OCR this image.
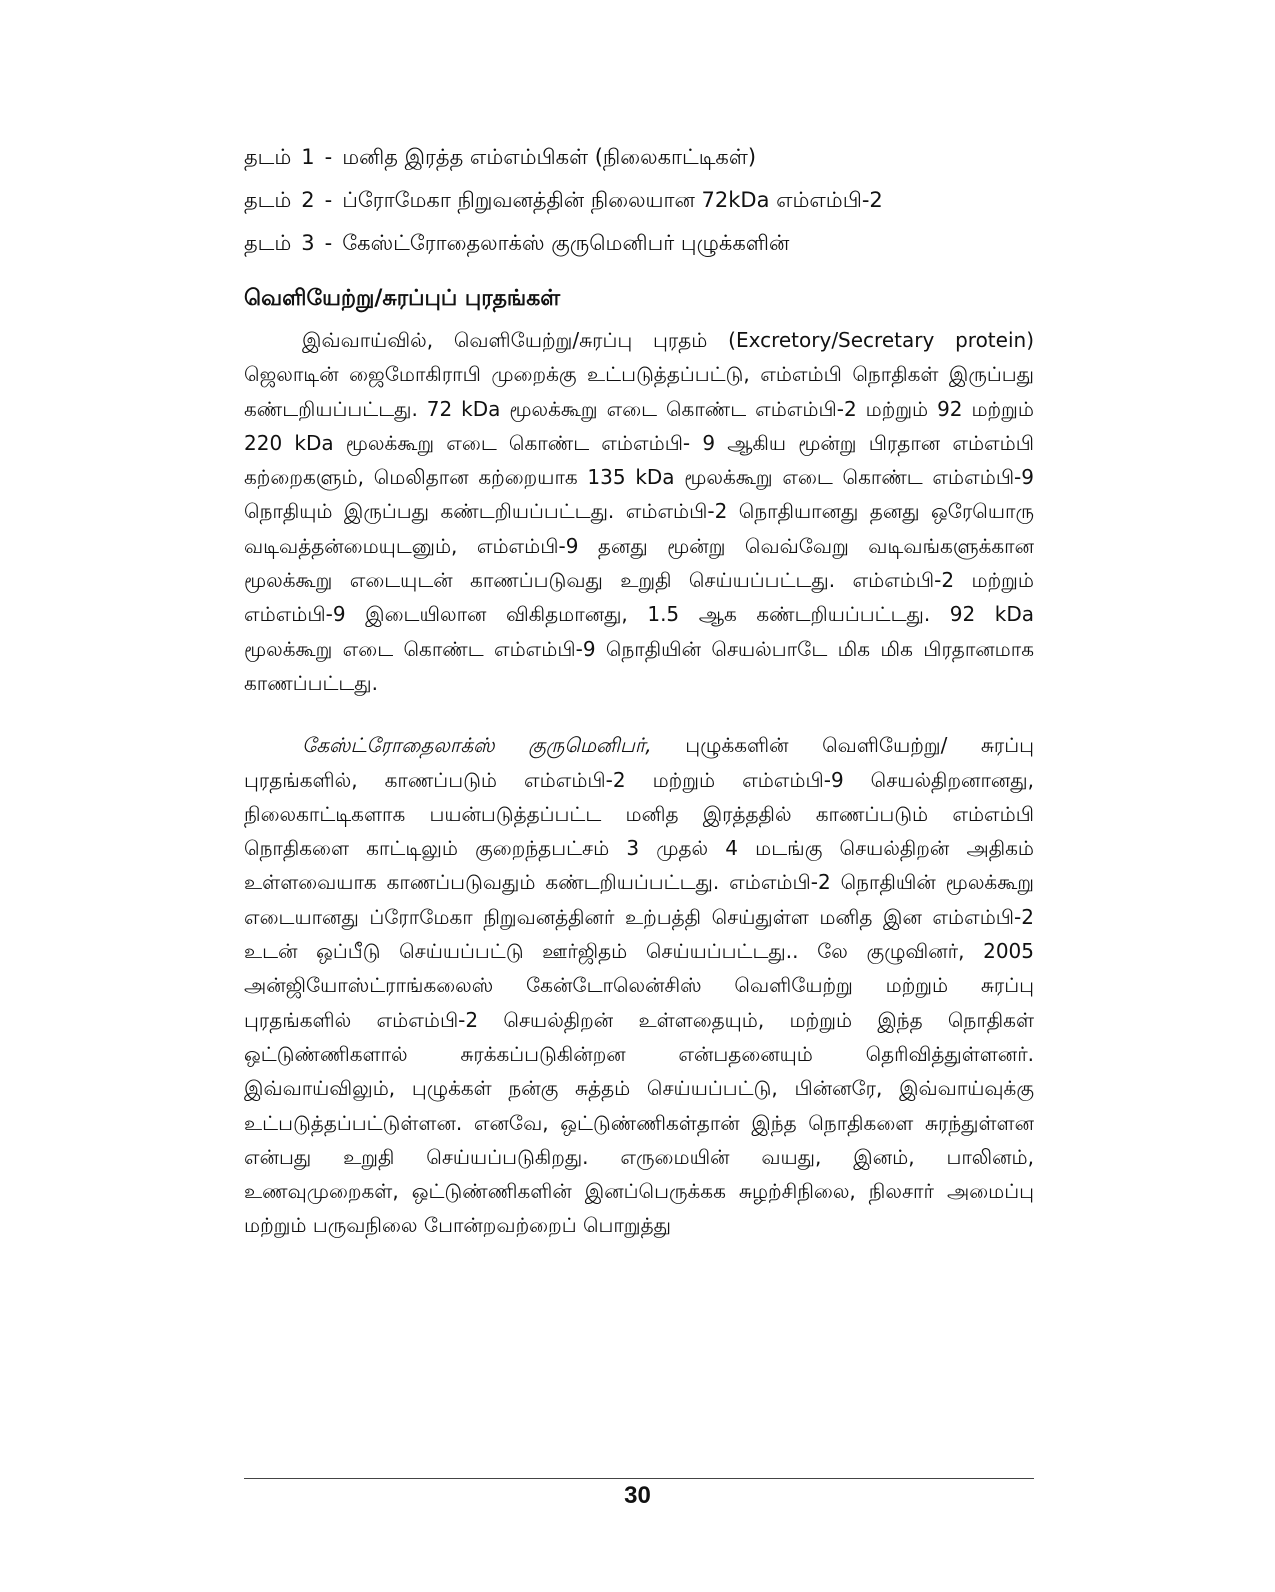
தடம் 1 - மனித இரத்த எம்எம்பிகள் (நிலைகாட்டிகள்)
தடம் 2 - ப்ரோமேகா நிறுவனத்தின் நிலையான 72kDa எம்எம்பி-2
தடம் 3 - கேஸ்ட்ரோதைலாக்ஸ் குருமெனிபர் புழுக்களின்
வெளியேற்று/சுரப்புப் புரதங்கள்

இவ்வாய்வில், வெளியேற்று/சுரப்பு புரதம் (Excretory/Secretary protein) ஜெலாடின் ஜைமோகிராபி முறைக்கு உட்படுத்தப்பட்டு, எம்எம்பி நொதிகள் இருப்பது கண்டறியப்பட்டது. 72 kDa மூலக்கூறு எடை கொண்ட எம்எம்பி-2 மற்றும் 92 மற்றும் 220 kDa மூலக்கூறு எடை கொண்ட எம்எம்பி- 9 ஆகிய மூன்று பிரதான எம்எம்பி கற்றைகளும், மெலிதான கற்றையாக 135 kDa மூலக்கூறு எடை கொண்ட எம்எம்பி-9 நொதியும் இருப்பது கண்டறியப்பட்டது. எம்எம்பி-2 நொதியானது தனது ஒரேயொரு வடிவத்தன்மையுடனும், எம்எம்பி-9 தனது மூன்று வெவ்வேறு வடிவங்களுக்கான மூலக்கூறு எடையுடன் காணப்படுவது உறுதி செய்யப்பட்டது. எம்எம்பி-2 மற்றும் எம்எம்பி-9 இடையிலான விகிதமானது, 1.5 ஆக கண்டறியப்பட்டது. 92 kDa மூலக்கூறு எடை கொண்ட எம்எம்பி-9 நொதியின் செயல்பாடே மிக மிக பிரதானமாக காணப்பட்டது.

கேஸ்ட்ரோதைலாக்ஸ் குருமெனிபர், புழுக்களின் வெளியேற்று/ சுரப்பு புரதங்களில், காணப்படும் எம்எம்பி-2 மற்றும் எம்எம்பி-9 செயல்திறனானது, நிலைகாட்டிகளாக பயன்படுத்தப்பட்ட மனித இரத்ததில் காணப்படும் எம்எம்பி நொதிகளை காட்டிலும் குறைந்தபட்சம் 3 முதல் 4 மடங்கு செயல்திறன் அதிகம் உள்ளவையாக காணப்படுவதும் கண்டறியப்பட்டது. எம்எம்பி-2 நொதியின் மூலக்கூறு எடையானது ப்ரோமேகா நிறுவனத்தினர் உற்பத்தி செய்துள்ள மனித இன எம்எம்பி-2 உடன் ஒப்பீடு செய்யப்பட்டு ஊர்ஜிதம் செய்யப்பட்டது.. லே குழுவினர், 2005 அன்ஜியோஸ்ட்ராங்கலைஸ் கேன்டோலென்சிஸ் வெளியேற்று மற்றும் சுரப்பு புரதங்களில் எம்எம்பி-2 செயல்திறன் உள்ளதையும், மற்றும் இந்த நொதிகள் ஒட்டுண்ணிகளால் சுரக்கப்படுகின்றன என்பதனையும் தெரிவித்துள்ளனர். இவ்வாய்விலும், புழுக்கள் நன்கு சுத்தம் செய்யப்பட்டு, பின்னரே, இவ்வாய்வுக்கு உட்படுத்தப்பட்டுள்ளன. எனவே, ஒட்டுண்ணிகள்தான் இந்த நொதிகளை சுரந்துள்ளன என்பது உறுதி செய்யப்படுகிறது. எருமையின் வயது, இனம், பாலினம், உணவுமுறைகள், ஒட்டுண்ணிகளின் இனப்பெருக்கக சுழற்சிநிலை, நிலசார் அமைப்பு மற்றும் பருவநிலை போன்றவற்றைப் பொறுத்து

30
